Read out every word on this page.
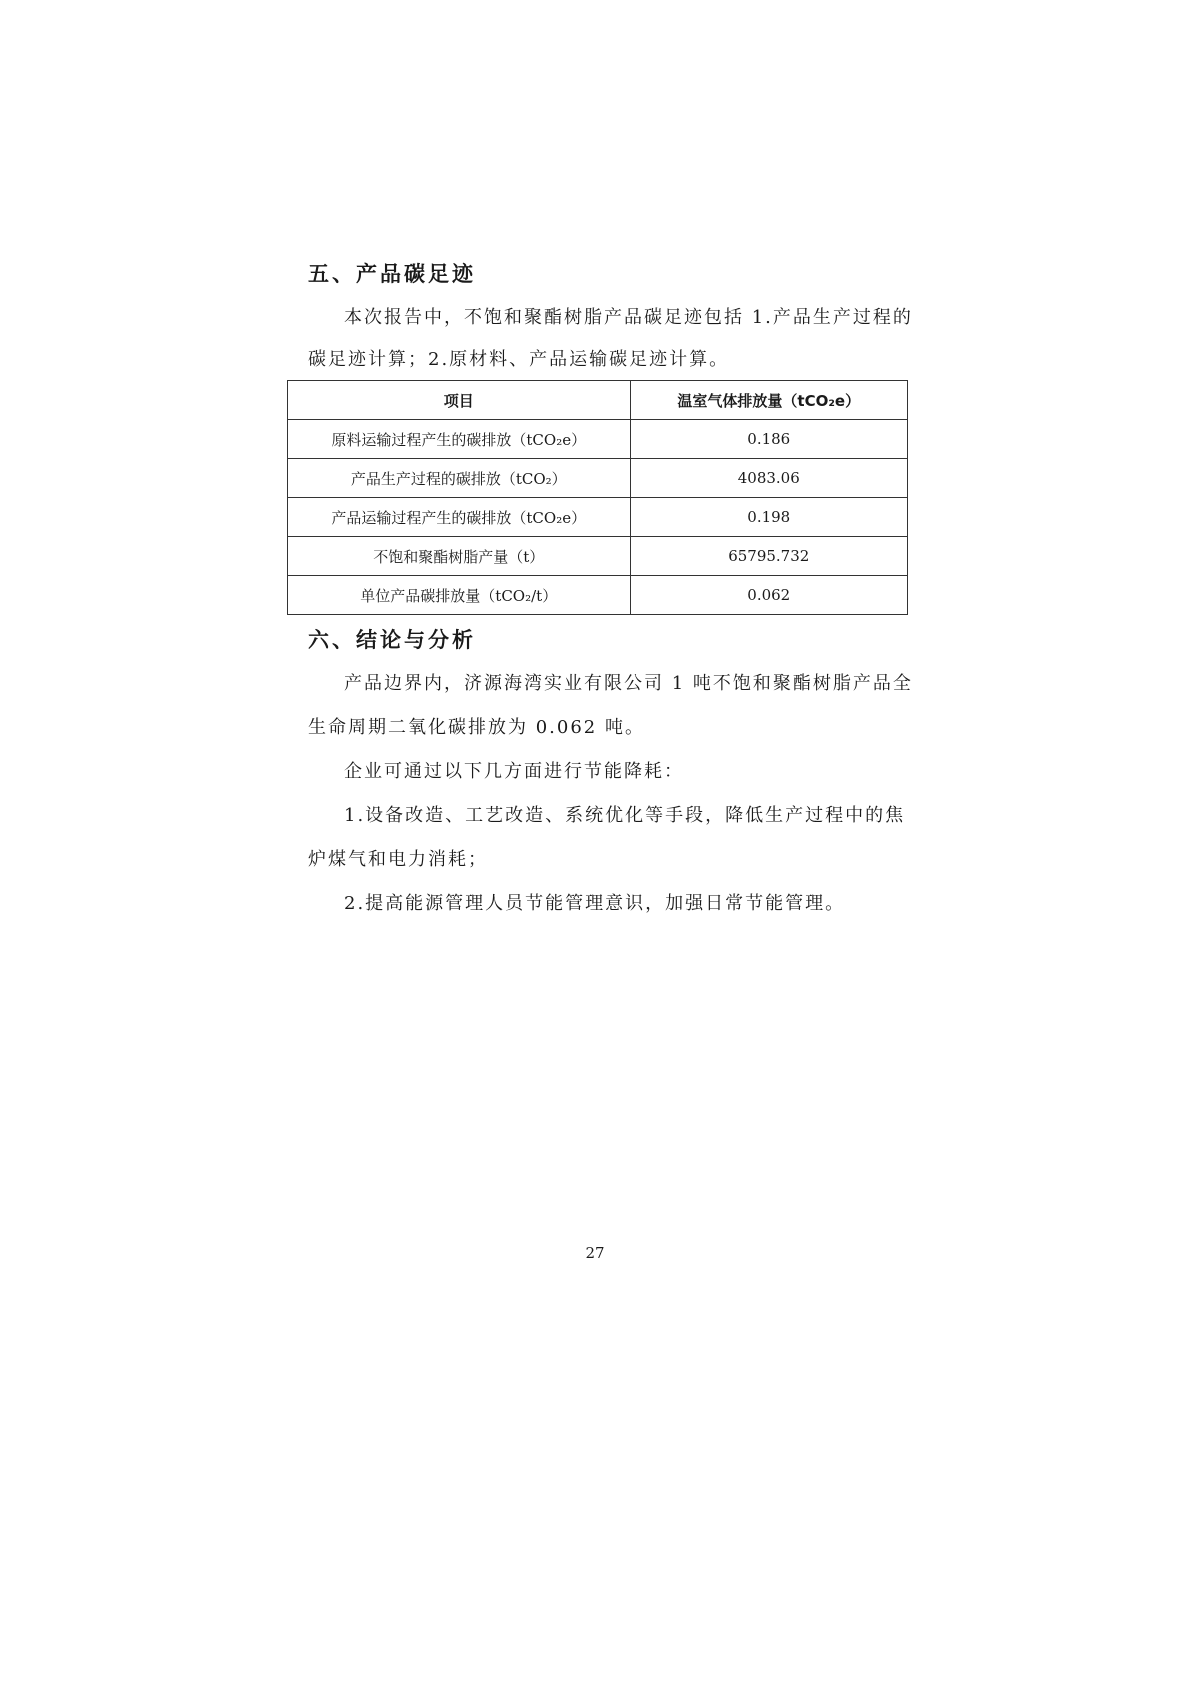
五、产品碳足迹
本次报告中，不饱和聚酯树脂产品碳足迹包括 1.产品生产过程的
碳足迹计算；2.原材料、产品运输碳足迹计算。
项目	温室气体排放量（tCO₂e）
原料运输过程产生的碳排放（tCO₂e）	0.186
产品生产过程的碳排放（tCO₂）	4083.06
产品运输过程产生的碳排放（tCO₂e）	0.198
不饱和聚酯树脂产量（t）	65795.732
单位产品碳排放量（tCO₂/t）	0.062
六、结论与分析
产品边界内，济源海湾实业有限公司 1 吨不饱和聚酯树脂产品全
生命周期二氧化碳排放为 0.062 吨。
企业可通过以下几方面进行节能降耗：
1.设备改造、工艺改造、系统优化等手段，降低生产过程中的焦
炉煤气和电力消耗；
2.提高能源管理人员节能管理意识，加强日常节能管理。
27
